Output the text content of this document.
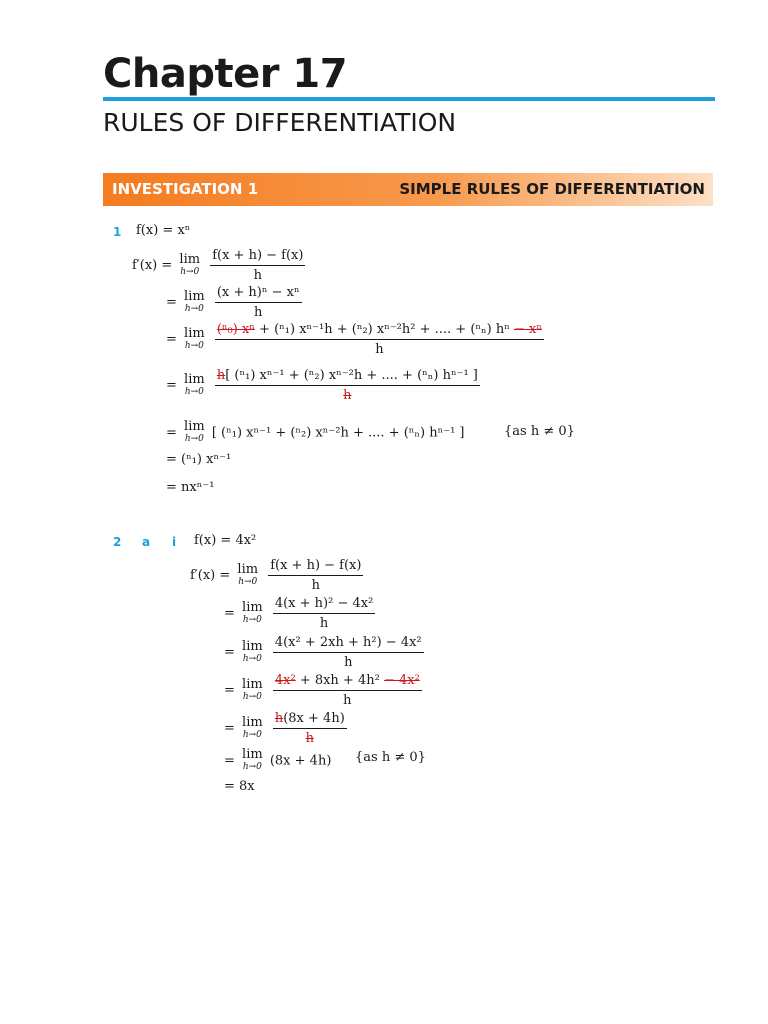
Chapter 17
RULES OF DIFFERENTIATION
INVESTIGATION 1	SIMPLE RULES OF DIFFERENTIATION
1 f(x) = xⁿ
f′(x) = lim
h→0
$\frac{f(x + h) - f(x)}{h}$
= lim
h→0
$\frac{\text{(x + h)ⁿ − xⁿ}}{h}$
= lim
h→0
$\frac{\text{(ⁿ₀) xⁿ + (ⁿ₁) xⁿ⁻¹h + (ⁿ₂) xⁿ⁻²h² + .... + (ⁿₙ) hⁿ − xⁿ}}{h}$
= lim
h→0
$\frac{\text{h[ (ⁿ₁) xⁿ⁻¹ + (ⁿ₂) xⁿ⁻²h + .... + (ⁿₙ) hⁿ⁻¹ ]}}{h}$
= lim
h→0 [ (ⁿ₁) xⁿ⁻¹ + (ⁿ₂) xⁿ⁻²h + .... + (ⁿₙ) hⁿ⁻¹ ]	{as h ≠ 0}
= (ⁿ₁) xⁿ⁻¹
= nxⁿ⁻¹
2 a i f(x) = 4x²
f′(x) = lim
h→0
$\frac{f(x + h) - f(x)}{h}$
= lim
h→0
$\frac{\text{4(x + h)² − 4x²}}{h}$
= lim
h→0
$\frac{\text{4(x² + 2xh + h²) − 4x²}}{h}$
= lim
h→0
$\frac{\text{4x² + 8xh + 4h² − 4x²}}{h}$
= lim
h→0
$\frac{h(8x + 4h)}{h}$
= lim
h→0 (8x + 4h) {as h ≠ 0}
= 8x
